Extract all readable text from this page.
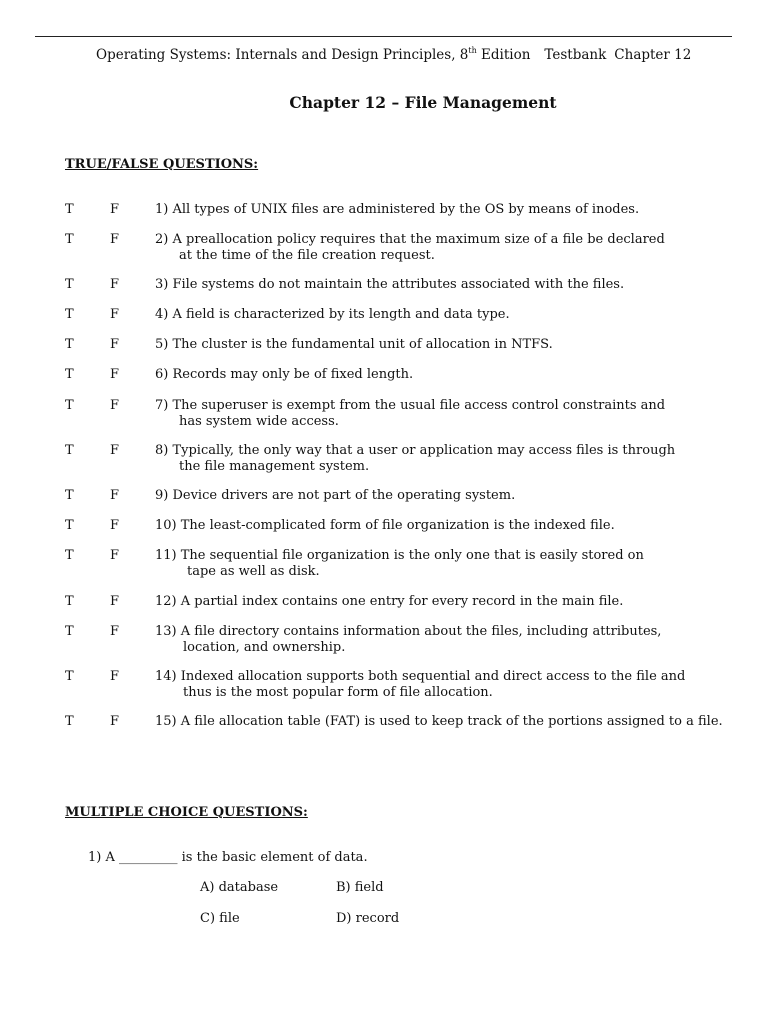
Operating Systems: Internals and Design Principles, 8th Edition Testbank Chapter 12
Chapter 12 – File Management
TRUE/FALSE QUESTIONS:
T	F	1) All types of UNIX files are administered by the OS by means of inodes.
T	F	2) A preallocation policy requires that the maximum size of a file be declared
at the time of the file creation request.
T	F	3) File systems do not maintain the attributes associated with the files.
T	F	4) A field is characterized by its length and data type.
T	F	5) The cluster is the fundamental unit of allocation in NTFS.
T	F	6) Records may only be of fixed length.
T	F	7) The superuser is exempt from the usual file access control constraints and
has system wide access.
T	F	8) Typically, the only way that a user or application may access files is through
the file management system.
T	F	9) Device drivers are not part of the operating system.
T	F	10) The least-complicated form of file organization is the indexed file.
T	F	11) The sequential file organization is the only one that is easily stored on
tape as well as disk.
T	F	12) A partial index contains one entry for every record in the main file.
T	F	13) A file directory contains information about the files, including attributes,
location, and ownership.
T	F	14) Indexed allocation supports both sequential and direct access to the file and
thus is the most popular form of file allocation.
T	F	15) A file allocation table (FAT) is used to keep track of the portions assigned to a file.
MULTIPLE CHOICE QUESTIONS:
1) A _________ is the basic element of data.
A) database	B) field
C) file	D) record
